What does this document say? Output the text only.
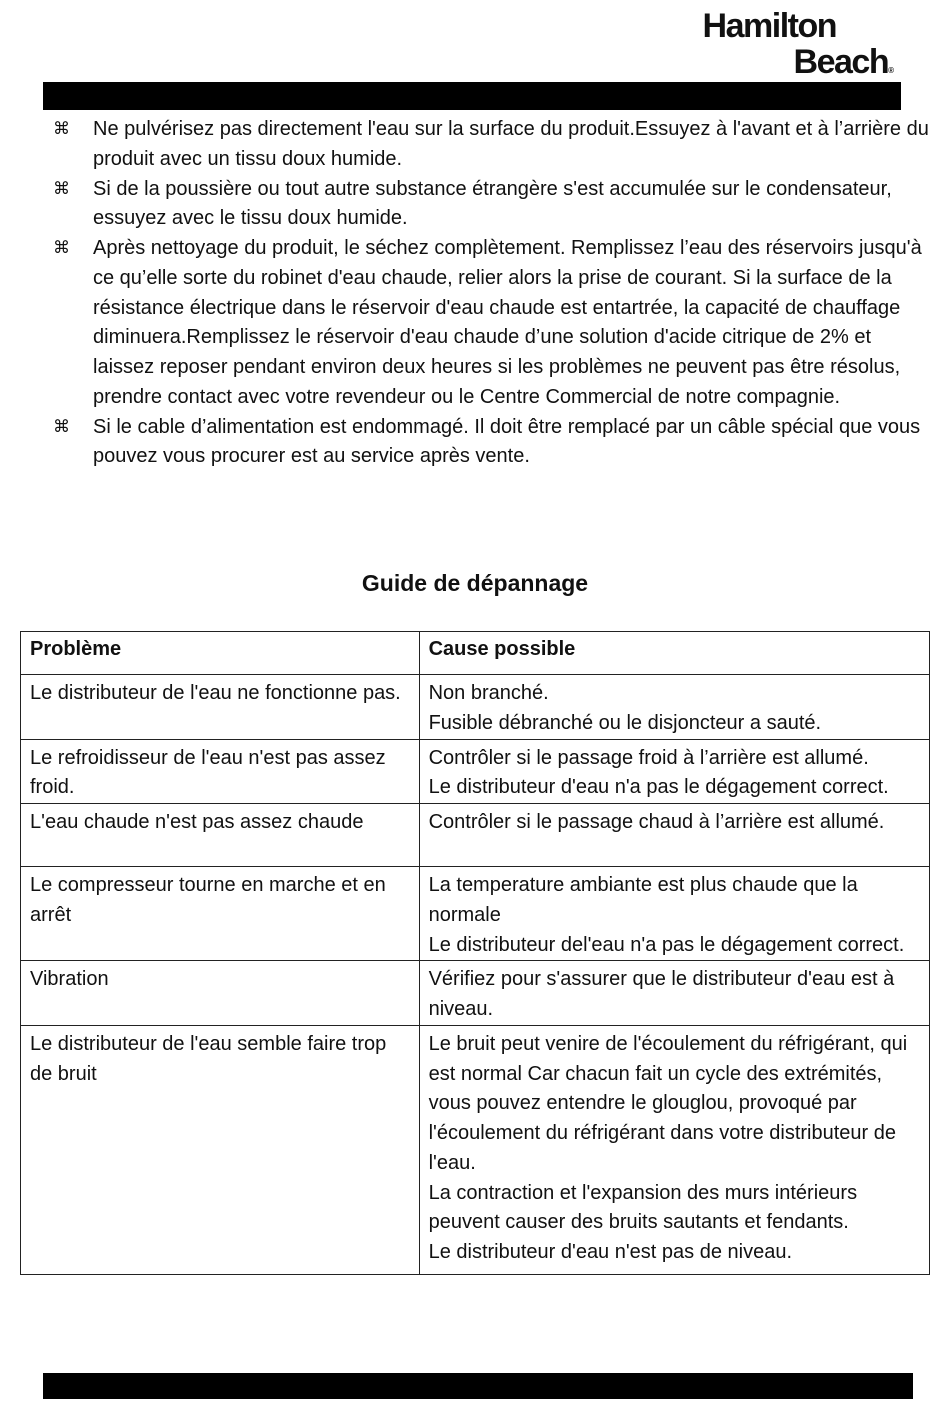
Hamilton
Beach®
⌘ Ne pulvérisez pas directement l'eau sur la surface du produit.Essuyez à l'avant et à l’arrière du produit avec un tissu doux humide.
⌘ Si de la poussière ou tout autre substance étrangère s'est accumulée sur le condensateur, essuyez avec le tissu doux humide.
⌘ Après nettoyage du produit, le séchez complètement. Remplissez l’eau des réservoirs jusqu'à ce qu’elle sorte du robinet d'eau chaude, relier alors la prise de courant. Si la surface de la résistance électrique dans le réservoir d'eau chaude est entartrée, la capacité de chauffage diminuera.Remplissez le réservoir d'eau chaude d’une solution d'acide citrique de 2% et laissez reposer pendant environ deux heures si les problèmes ne peuvent pas être résolus, prendre contact avec votre revendeur ou le Centre Commercial de notre compagnie.
⌘ Si le cable d’alimentation est endommagé. Il doit être remplacé par un câble spécial que vous pouvez vous procurer est au service après vente.
Guide de dépannage
Problème	Cause possible
Le distributeur de l'eau ne fonctionne pas.	Non branché.
Fusible débranché ou le disjoncteur a sauté.

Le refroidisseur de l'eau n'est pas assez froid.	Contrôler si le passage froid à l’arrière est allumé.
Le distributeur d'eau n'a pas le dégagement correct.

L'eau chaude n'est pas assez chaude	Contrôler si le passage chaud à l’arrière est allumé.

Le compresseur tourne en marche et en arrêt	La temperature ambiante est plus chaude que la normale
Le distributeur del'eau n'a pas le dégagement correct.

Vibration	Vérifiez pour s'assurer que le distributeur d'eau est à niveau.

Le distributeur de l'eau semble faire trop de bruit	Le bruit peut venire de l'écoulement du réfrigérant, qui est normal Car chacun fait un cycle des extrémités, vous pouvez entendre le glouglou, provoqué par l'écoulement du réfrigérant dans votre distributeur de l'eau.
La contraction et l'expansion des murs intérieurs peuvent causer des bruits sautants et fendants.
Le distributeur d'eau n'est pas de niveau.
